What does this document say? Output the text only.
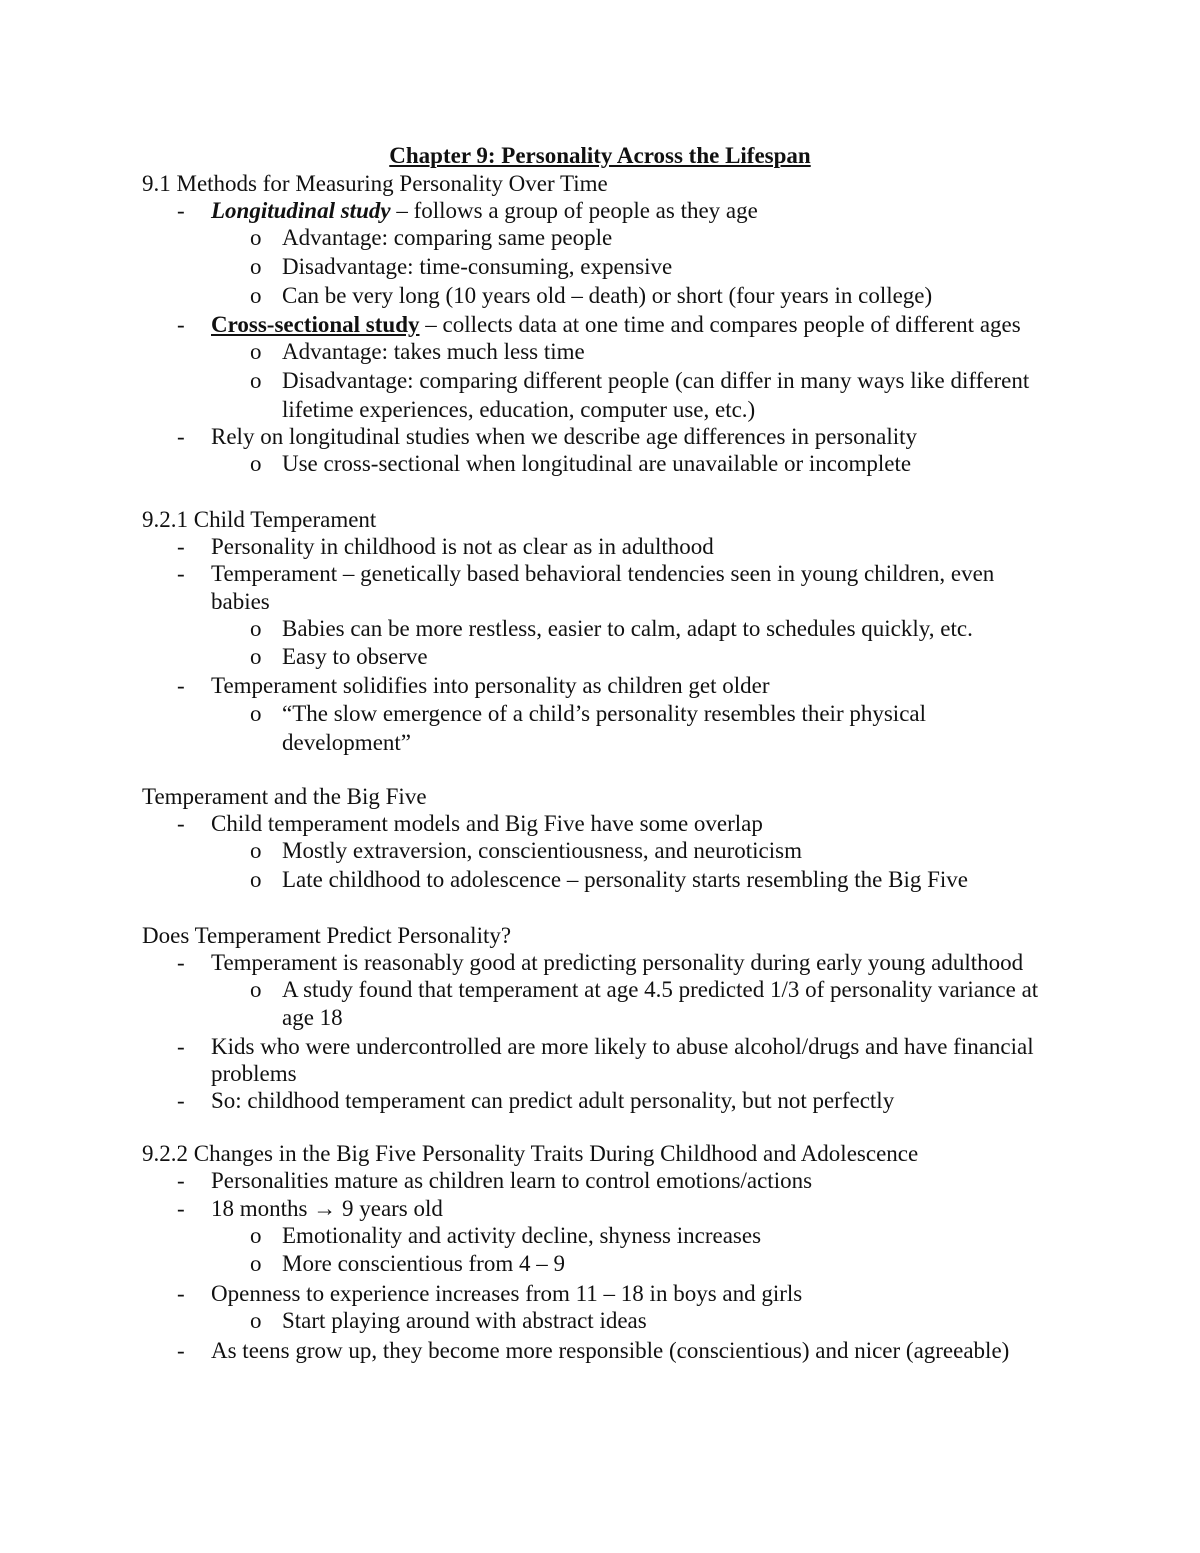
Chapter 9: Personality Across the Lifespan
9.1 Methods for Measuring Personality Over Time
- Longitudinal study – follows a group of people as they age
o Advantage: comparing same people
o Disadvantage: time-consuming, expensive
o Can be very long (10 years old – death) or short (four years in college)
- Cross-sectional study – collects data at one time and compares people of different ages
o Advantage: takes much less time
o Disadvantage: comparing different people (can differ in many ways like different
lifetime experiences, education, computer use, etc.)
- Rely on longitudinal studies when we describe age differences in personality
o Use cross-sectional when longitudinal are unavailable or incomplete
9.2.1 Child Temperament
- Personality in childhood is not as clear as in adulthood
- Temperament – genetically based behavioral tendencies seen in young children, even
babies
o Babies can be more restless, easier to calm, adapt to schedules quickly, etc.
o Easy to observe
- Temperament solidifies into personality as children get older
o “The slow emergence of a child’s personality resembles their physical
development”
Temperament and the Big Five
- Child temperament models and Big Five have some overlap
o Mostly extraversion, conscientiousness, and neuroticism
o Late childhood to adolescence – personality starts resembling the Big Five
Does Temperament Predict Personality?
- Temperament is reasonably good at predicting personality during early young adulthood
o A study found that temperament at age 4.5 predicted 1/3 of personality variance at
age 18
- Kids who were undercontrolled are more likely to abuse alcohol/drugs and have financial
problems
- So: childhood temperament can predict adult personality, but not perfectly
9.2.2 Changes in the Big Five Personality Traits During Childhood and Adolescence
- Personalities mature as children learn to control emotions/actions
- 18 months → 9 years old
o Emotionality and activity decline, shyness increases
o More conscientious from 4 – 9
- Openness to experience increases from 11 – 18 in boys and girls
o Start playing around with abstract ideas
- As teens grow up, they become more responsible (conscientious) and nicer (agreeable)
